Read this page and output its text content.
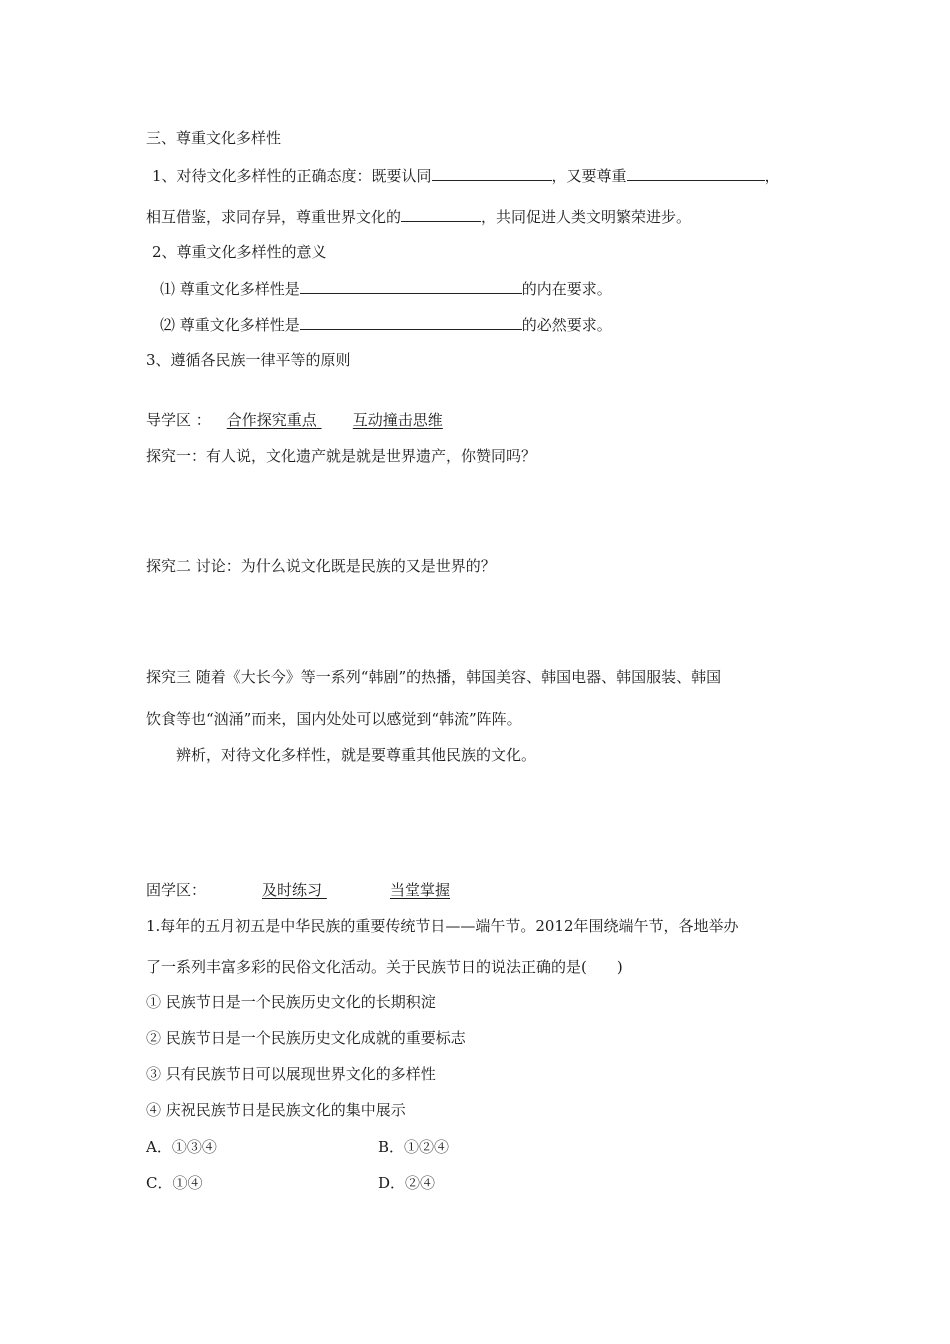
三、尊重文化多样性
1、对待文化多样性的正确态度：既要认同	，又要尊重	，
相互借鉴，求同存异，尊重世界文化的	，共同促进人类文明繁荣进步。
2、尊重文化多样性的意义
⑴ 尊重文化多样性是	的内在要求。
⑵ 尊重文化多样性是	的必然要求。
3、遵循各民族一律平等的原则
导学区 ： 合作探究重点 互动撞击思维
探究一：有人说，文化遗产就是就是世界遗产，你赞同吗？
探究二 讨论：为什么说文化既是民族的又是世界的？
探究三 随着《大长今》等一系列“韩剧”的热播，韩国美容、韩国电器、韩国服装、韩国
饮食等也“汹涌”而来，国内处处可以感觉到“韩流”阵阵。
辨析，对待文化多样性，就是要尊重其他民族的文化。
固学区：	及时练习	当堂掌握
1.每年的五月初五是中华民族的重要传统节日——端午节。2012年围绕端午节，各地举办
了一系列丰富多彩的民俗文化活动。关于民族节日的说法正确的是(　　)
① 民族节日是一个民族历史文化的长期积淀
② 民族节日是一个民族历史文化成就的重要标志
③ 只有民族节日可以展现世界文化的多样性
④ 庆祝民族节日是民族文化的集中展示
A．①③④	B．①②④
C．①④	D．②④
